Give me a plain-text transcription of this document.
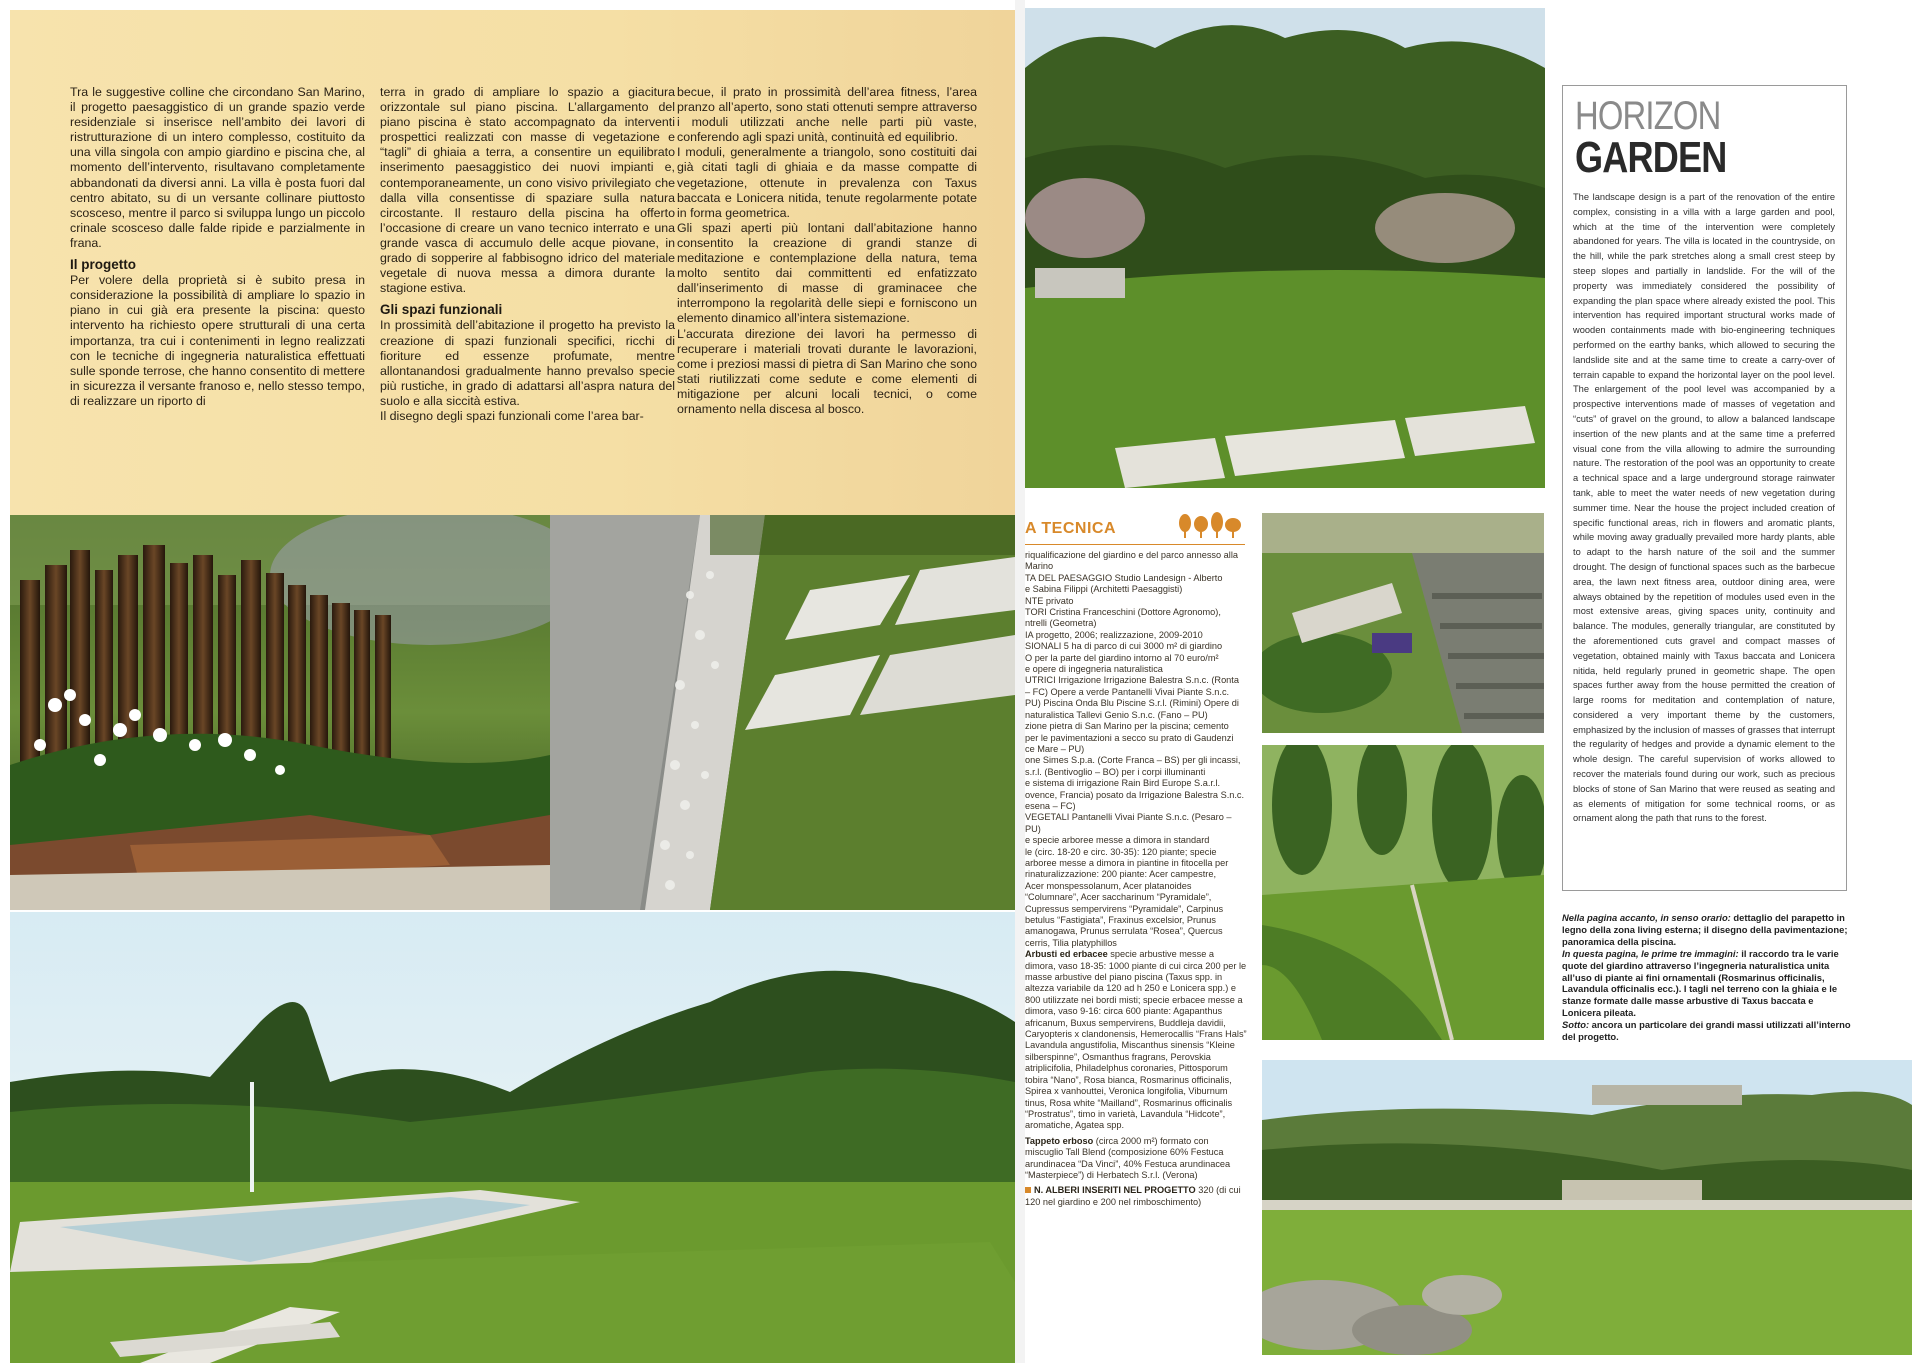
Tra le suggestive colline che circondano San Marino, il progetto paesaggistico di un grande spazio verde residenziale si inserisce nell’ambito dei lavori di ristrutturazione di un intero complesso, costituito da una villa singola con ampio giardino e piscina che, al momento dell’intervento, risultavano completamente abbandonati da diversi anni. La villa è posta fuori dal centro abitato, su di un versante collinare piuttosto scosceso, mentre il parco si sviluppa lungo un piccolo crinale scosceso dalle falde ripide e parzialmente in frana.

Il progetto

Per volere della proprietà si è subito presa in considerazione la possibilità di ampliare lo spazio in piano in cui già era presente la piscina: questo intervento ha richiesto opere strutturali di una certa importanza, tra cui i contenimenti in legno realizzati con le tecniche di ingegneria naturalistica effettuati sulle sponde terrose, che hanno consentito di mettere in sicurezza il versante franoso e, nello stesso tempo, di realizzare un riporto di

terra in grado di ampliare lo spazio a giacitura orizzontale sul piano piscina. L’allargamento del piano piscina è stato accompagnato da interventi prospettici realizzati con masse di vegetazione e “tagli” di ghiaia a terra, a consentire un equilibrato inserimento paesaggistico dei nuovi impianti e, contemporaneamente, un cono visivo privilegiato che dalla villa consentisse di spaziare sulla natura circostante. Il restauro della piscina ha offerto l’occasione di creare un vano tecnico interrato e una grande vasca di accumulo delle acque piovane, in grado di sopperire al fabbisogno idrico del materiale vegetale di nuova messa a dimora durante la stagione estiva.

Gli spazi funzionali

In prossimità dell’abitazione il progetto ha previsto la creazione di spazi funzionali specifici, ricchi di fioriture ed essenze profumate, mentre allontanandosi gradualmente hanno prevalso specie più rustiche, in grado di adattarsi all’aspra natura del suolo e alla siccità estiva.

Il disegno degli spazi funzionali come l’area bar-

becue, il prato in prossimità dell’area fitness, l’area pranzo all’aperto, sono stati ottenuti sempre attraverso i moduli utilizzati anche nelle parti più vaste, conferendo agli spazi unità, continuità ed equilibrio.

I moduli, generalmente a triangolo, sono costituiti dai già citati tagli di ghiaia e da masse compatte di vegetazione, ottenute in prevalenza con Taxus baccata e Lonicera nitida, tenute regolarmente potate in forma geometrica.

Gli spazi aperti più lontani dall’abitazione hanno consentito la creazione di grandi stanze di meditazione e contemplazione della natura, tema molto sentito dai committenti ed enfatizzato dall’inserimento di masse di graminacee che interrompono la regolarità delle siepi e forniscono un elemento dinamico all’intera sistemazione.

L’accurata direzione dei lavori ha permesso di recuperare i materiali trovati durante le lavorazioni, come i preziosi massi di pietra di San Marino che sono stati riutilizzati come sedute e come elementi di mitigazione per alcuni locali tecnici, o come ornamento nella discesa al bosco.

A TECNICA
riqualificazione del giardino e del parco annesso alla
Marino
TA DEL PAESAGGIO Studio Landesign - Alberto
e Sabina Filippi (Architetti Paesaggisti)
NTE privato
TORI Cristina Franceschini (Dottore Agronomo),
ntrelli (Geometra)
IA progetto, 2006; realizzazione, 2009-2010
SIONALI 5 ha di parco di cui 3000 m² di giardino
O per la parte del giardino intorno al 70 euro/m²
e opere di ingegneria naturalistica
UTRICI Irrigazione Irrigazione Balestra S.n.c. (Ronta
– FC) Opere a verde Pantanelli Vivai Piante S.n.c.
PU) Piscina Onda Blu Piscine S.r.l. (Rimini) Opere di
naturalistica Tallevi Genio S.n.c. (Fano – PU)
zione pietra di San Marino per la piscina; cemento
per le pavimentazioni a secco su prato di Gaudenzi
ce Mare – PU)
one Simes S.p.a. (Corte Franca – BS) per gli incassi,
s.r.l. (Bentivoglio – BO) per i corpi illuminanti
e sistema di irrigazione Rain Bird Europe S.a.r.l.
ovence, Francia) posato da Irrigazione Balestra S.n.c.
esena – FC)
VEGETALI Pantanelli Vivai Piante S.n.c. (Pesaro – PU)
e specie arboree messe a dimora in standard
le (circ. 18-20 e circ. 30-35): 120 piante; specie
arboree messe a dimora in piantine in fitocella per
rinaturalizzazione: 200 piante: Acer campestre,
Acer monspessolanum, Acer platanoides
“Columnare”, Acer saccharinum “Pyramidale”,
Cupressus sempervirens “Pyramidale”, Carpinus
betulus “Fastigiata”, Fraxinus excelsior, Prunus
amanogawa, Prunus serrulata “Rosea”, Quercus
cerris, Tilia platyphillos

Arbusti ed erbacee specie arbustive messe a dimora, vaso 18-35: 1000 piante di cui circa 200 per le masse arbustive del piano piscina (Taxus spp. in altezza variabile da 120 ad h 250 e Lonicera spp.) e 800 utilizzate nei bordi misti; specie erbacee messe a dimora, vaso 9-16: circa 600 piante: Agapanthus africanum, Buxus sempervirens, Buddleja davidii, Caryopteris x clandonensis, Hemerocallis “Frans Hals” Lavandula angustifolia, Miscanthus sinensis “Kleine silberspinne”, Osmanthus fragrans, Perovskia atriplicifolia, Philadelphus coronaries, Pittosporum tobira “Nano”, Rosa bianca, Rosmarinus officinalis, Spirea x vanhouttei, Veronica longifolia, Viburnum tinus, Rosa white “Mailland”, Rosmarinus officinalis “Prostratus”, timo in varietà, Lavandula “Hidcote”, aromatiche, Agatea spp.

Tappeto erboso (circa 2000 m²) formato con miscuglio Tall Blend (composizione 60% Festuca arundinacea “Da Vinci”, 40% Festuca arundinacea “Masterpiece”) di Herbatech S.r.l. (Verona)

N. ALBERI INSERITI NEL PROGETTO 320 (di cui 120 nel giardino e 200 nel rimboschimento)

HORIZON
GARDEN
The landscape design is a part of the renovation of the entire complex, consisting in a villa with a large garden and pool, which at the time of the intervention were completely abandoned for years. The villa is located in the countryside, on the hill, while the park stretches along a small crest steep by steep slopes and partially in landslide. For the will of the property was immediately considered the possibility of expanding the plan space where already existed the pool. This intervention has required important structural works made of wooden containments made with bio-engineering techniques performed on the earthy banks, which allowed to securing the landslide site and at the same time to create a carry-over of terrain capable to expand the horizontal layer on the pool level. The enlargement of the pool level was accompanied by a prospective interventions made of masses of vegetation and “cuts” of gravel on the ground, to allow a balanced landscape insertion of the new plants and at the same time a preferred visual cone from the villa allowing to admire the surrounding nature. The restoration of the pool was an opportunity to create a technical space and a large underground storage rainwater tank, able to meet the water needs of new vegetation during summer time. Near the house the project included creation of specific functional areas, rich in flowers and aromatic plants, while moving away gradually prevailed more hardy plants, able to adapt to the harsh nature of the soil and the summer drought. The design of functional spaces such as the barbecue area, the lawn next fitness area, outdoor dining area, were always obtained by the repetition of modules used even in the most extensive areas, giving spaces unity, continuity and balance. The modules, generally triangular, are constituted by the aforementioned cuts gravel and compact masses of vegetation, obtained mainly with Taxus baccata and Lonicera nitida, held regularly pruned in geometric shape. The open spaces further away from the house permitted the creation of large rooms for meditation and contemplation of nature, considered a very important theme by the customers, emphasized by the inclusion of masses of grasses that interrupt the regularity of hedges and provide a dynamic element to the whole design. The careful supervision of works allowed to recover the materials found during our work, such as precious blocks of stone of San Marino that were reused as seating and as elements of mitigation for some technical rooms, or as ornament along the path that runs to the forest.
Nella pagina accanto, in senso orario: dettaglio del parapetto in legno della zona living esterna; il disegno della pavimentazione; panoramica della piscina.
In questa pagina, le prime tre immagini: il raccordo tra le varie quote del giardino attraverso l’ingegneria naturalistica unita all’uso di piante ai fini ornamentali (Rosmarinus officinalis, Lavandula officinalis ecc.). I tagli nel terreno con la ghiaia e le stanze formate dalle masse arbustive di Taxus baccata e Lonicera pileata.
Sotto: ancora un particolare dei grandi massi utilizzati all’interno del progetto.
